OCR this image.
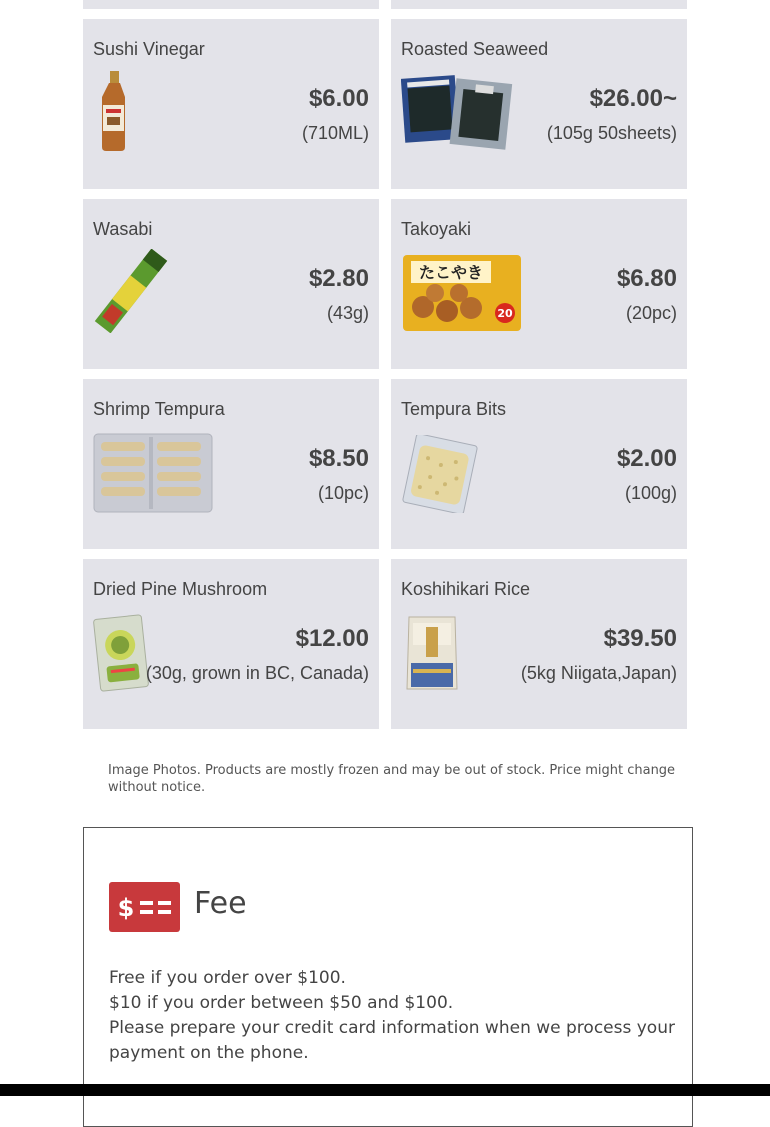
Sushi Vinegar
$6.00
(710ML)
Roasted Seaweed
$26.00~
(105g 50sheets)
Wasabi
$2.80
(43g)
Takoyaki
たこやき
20
$6.80
(20pc)
Shrimp Tempura
$8.50
(10pc)
Tempura Bits
$2.00
(100g)
Dried Pine Mushroom
$12.00
(30g, grown in BC, Canada)
Koshihikari Rice
$39.50
(5kg Niigata,Japan)
Image Photos. Products are mostly frozen and may be out of stock. Price might change without notice.
$ Fee
Free if you order over $100.
$10 if you order between $50 and $100.
Please prepare your credit card information when we process your payment on the phone.
